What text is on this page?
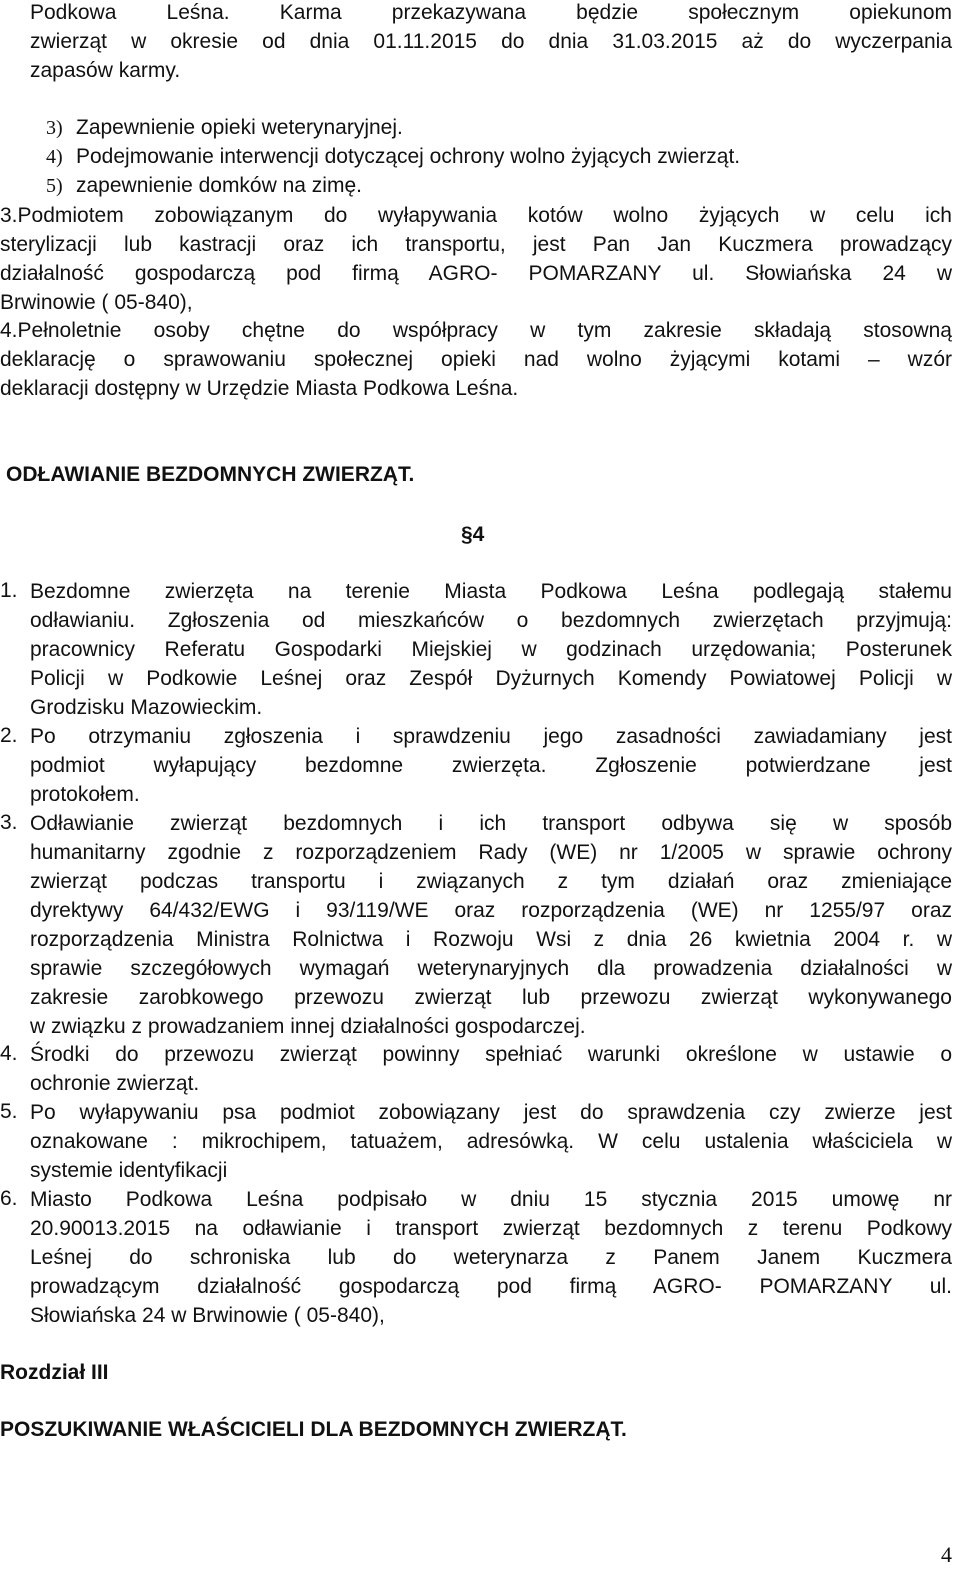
Podkowa Leśna. Karma przekazywana będzie społecznym opiekunom
zwierząt w okresie od dnia 01.11.2015 do dnia 31.03.2015 aż do wyczerpania
zapasów karmy.
3) Zapewnienie opieki weterynaryjnej.
4) Podejmowanie interwencji dotyczącej ochrony wolno żyjących zwierząt.
5) zapewnienie domków na zimę.
3.Podmiotem zobowiązanym do wyłapywania kotów wolno żyjących w celu ich
sterylizacji lub kastracji oraz ich transportu, jest Pan Jan Kuczmera prowadzący
działalność gospodarczą pod firmą AGRO- POMARZANY ul. Słowiańska 24 w
Brwinowie ( 05-840),
4.Pełnoletnie osoby chętne do współpracy w tym zakresie składają stosowną
deklarację o sprawowaniu społecznej opieki nad wolno żyjącymi kotami – wzór
deklaracji dostępny w Urzędzie Miasta Podkowa Leśna.
ODŁAWIANIE BEZDOMNYCH ZWIERZĄT.
§4
1. Bezdomne zwierzęta na terenie Miasta Podkowa Leśna podlegają stałemu
odławianiu. Zgłoszenia od mieszkańców o bezdomnych zwierzętach przyjmują:
pracownicy Referatu Gospodarki Miejskiej w godzinach urzędowania; Posterunek
Policji w Podkowie Leśnej oraz Zespół Dyżurnych Komendy Powiatowej Policji w
Grodzisku Mazowieckim.
2. Po otrzymaniu zgłoszenia i sprawdzeniu jego zasadności zawiadamiany jest
podmiot wyłapujący bezdomne zwierzęta. Zgłoszenie potwierdzane jest
protokołem.
3. Odławianie zwierząt bezdomnych i ich transport odbywa się w sposób
humanitarny zgodnie z rozporządzeniem Rady (WE) nr 1/2005 w sprawie ochrony
zwierząt podczas transportu i związanych z tym działań oraz zmieniające
dyrektywy 64/432/EWG i 93/119/WE oraz rozporządzenia (WE) nr 1255/97 oraz
rozporządzenia Ministra Rolnictwa i Rozwoju Wsi z dnia 26 kwietnia 2004 r. w
sprawie szczegółowych wymagań weterynaryjnych dla prowadzenia działalności w
zakresie zarobkowego przewozu zwierząt lub przewozu zwierząt wykonywanego
w związku z prowadzaniem innej działalności gospodarczej.
4. Środki do przewozu zwierząt powinny spełniać warunki określone w ustawie o
ochronie zwierząt.
5. Po wyłapywaniu psa podmiot zobowiązany jest do sprawdzenia czy zwierze jest
oznakowane : mikrochipem, tatuażem, adresówką. W celu ustalenia właściciela w
systemie identyfikacji
6. Miasto Podkowa Leśna podpisało w dniu 15 stycznia 2015 umowę nr
20.90013.2015 na odławianie i transport zwierząt bezdomnych z terenu Podkowy
Leśnej do schroniska lub do weterynarza z Panem Janem Kuczmera
prowadzącym działalność gospodarczą pod firmą AGRO- POMARZANY ul.
Słowiańska 24 w Brwinowie ( 05-840),
Rozdział III
POSZUKIWANIE WŁAŚCICIELI DLA BEZDOMNYCH ZWIERZĄT.
4
